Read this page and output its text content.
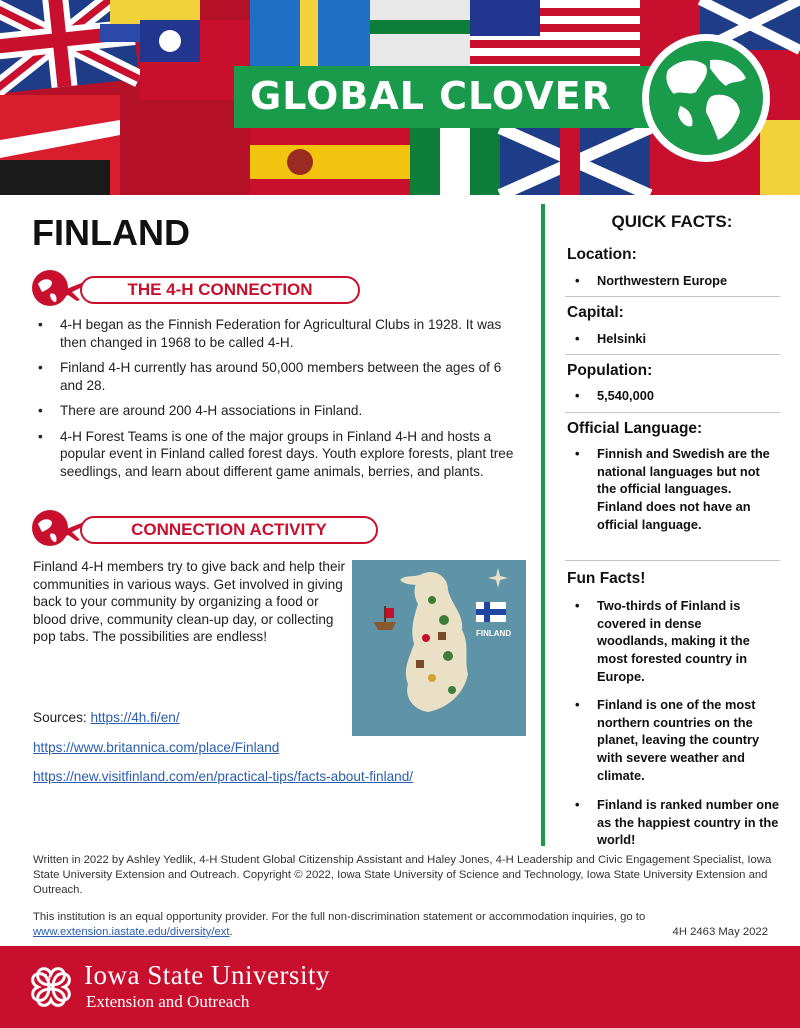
GLOBAL CLOVER
FINLAND
THE 4-H CONNECTION
• 4-H began as the Finnish Federation for Agricultural Clubs in 1928. It was then changed in 1968 to be called 4-H.
• Finland 4-H currently has around 50,000 members between the ages of 6 and 28.
• There are around 200 4-H associations in Finland.
• 4-H Forest Teams is one of the major groups in Finland 4-H and hosts a popular event in Finland called forest days. Youth explore forests, plant tree seedlings, and learn about different game animals, berries, and plants.
CONNECTION ACTIVITY

Finland 4-H members try to give back and help their communities in various ways. Get involved in giving back to your community by organizing a food or blood drive, community clean-up day, or collecting pop tabs. The possibilities are endless!	FINLAND
Sources: https://4h.fi/en/
https://www.britannica.com/place/Finland
https://new.visitfinland.com/en/practical-tips/facts-about-finland/
QUICK FACTS:
Location:
• Northwestern Europe
Capital:
• Helsinki
Population:
• 5,540,000
Official Language:
• Finnish and Swedish are the national languages but not the official languages. Finland does not have an official language.
Fun Facts!
• Two-thirds of Finland is covered in dense woodlands, making it the most forested country in Europe.
• Finland is one of the most northern countries on the planet, leaving the country with severe weather and climate.
• Finland is ranked number one as the happiest country in the world!

Written in 2022 by Ashley Yedlik, 4-H Student Global Citizenship Assistant and Haley Jones, 4-H Leadership and Civic Engagement Specialist, Iowa State University Extension and Outreach. Copyright © 2022, Iowa State University of Science and Technology, Iowa State University Extension and Outreach.

This institution is an equal opportunity provider. For the full non-discrimination statement or accommodation inquiries, go to www.extension.iastate.edu/diversity/ext.	4H 2463 May 2022
H Iowa State University
Extension and Outreach
